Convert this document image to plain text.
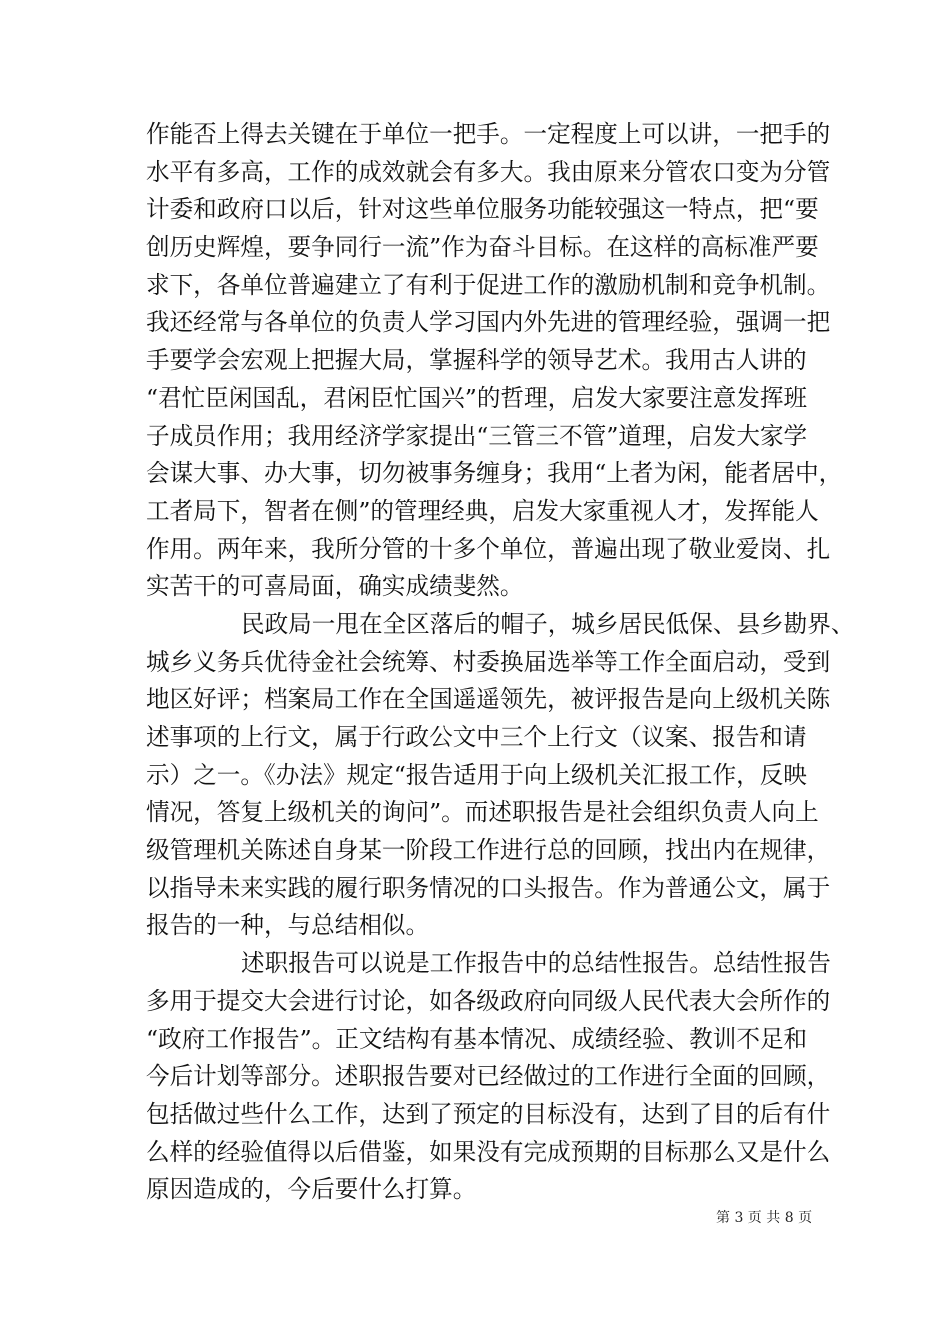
作能否上得去关键在于单位一把手。一定程度上可以讲，一把手的
水平有多高，工作的成效就会有多大。我由原来分管农口变为分管
计委和政府口以后，针对这些单位服务功能较强这一特点，把“要
创历史辉煌，要争同行一流”作为奋斗目标。在这样的高标准严要
求下，各单位普遍建立了有利于促进工作的激励机制和竞争机制。
我还经常与各单位的负责人学习国内外先进的管理经验，强调一把
手要学会宏观上把握大局，掌握科学的领导艺术。我用古人讲的
“君忙臣闲国乱，君闲臣忙国兴”的哲理，启发大家要注意发挥班
子成员作用；我用经济学家提出“三管三不管”道理，启发大家学
会谋大事、办大事，切勿被事务缠身；我用“上者为闲，能者居中，
工者局下，智者在侧”的管理经典，启发大家重视人才，发挥能人
作用。两年来，我所分管的十多个单位，普遍出现了敬业爱岗、扎
实苦干的可喜局面，确实成绩斐然。
民政局一甩在全区落后的帽子，城乡居民低保、县乡勘界、
城乡义务兵优待金社会统筹、村委换届选举等工作全面启动，受到
地区好评；档案局工作在全国遥遥领先，被评报告是向上级机关陈
述事项的上行文，属于行政公文中三个上行文（议案、报告和请
示）之一。《办法》规定“报告适用于向上级机关汇报工作，反映
情况，答复上级机关的询问”。而述职报告是社会组织负责人向上
级管理机关陈述自身某一阶段工作进行总的回顾，找出内在规律，
以指导未来实践的履行职务情况的口头报告。作为普通公文，属于
报告的一种，与总结相似。
述职报告可以说是工作报告中的总结性报告。总结性报告
多用于提交大会进行讨论，如各级政府向同级人民代表大会所作的
“政府工作报告”。正文结构有基本情况、成绩经验、教训不足和
今后计划等部分。述职报告要对已经做过的工作进行全面的回顾，
包括做过些什么工作，达到了预定的目标没有，达到了目的后有什
么样的经验值得以后借鉴，如果没有完成预期的目标那么又是什么
原因造成的，今后要什么打算。
第 3 页 共 8 页
